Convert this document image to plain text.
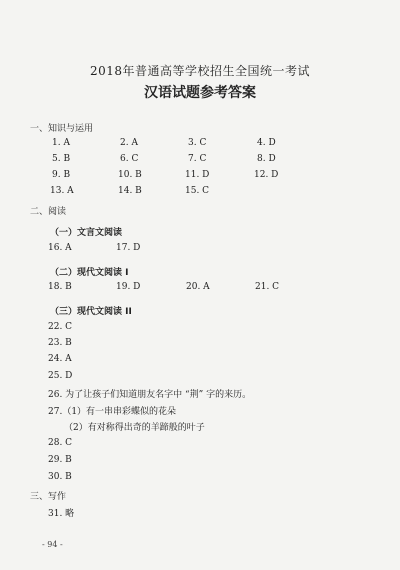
2018年普通高等学校招生全国统一考试
汉语试题参考答案
一、知识与运用
1. A	2. A	3. C	4. D
5. B	6. C	7. C	8. D
9. B	10. B	11. D	12. D
13. A	14. B	15. C
二、阅读
（一）文言文阅读
16. A	17. D
（二）现代文阅读 I
18. B	19. D	20. A	21. C
（三）现代文阅读 II
22. C
23. B
24. A
25. D
26. 为了让孩子们知道朋友名字中 “荆” 字的来历。
27.（1）有一串串彩蝶似的花朵
（2）有对称得出奇的羊蹄般的叶子
28. C
29. B
30. B
三、写作
31. 略
- 94 -
